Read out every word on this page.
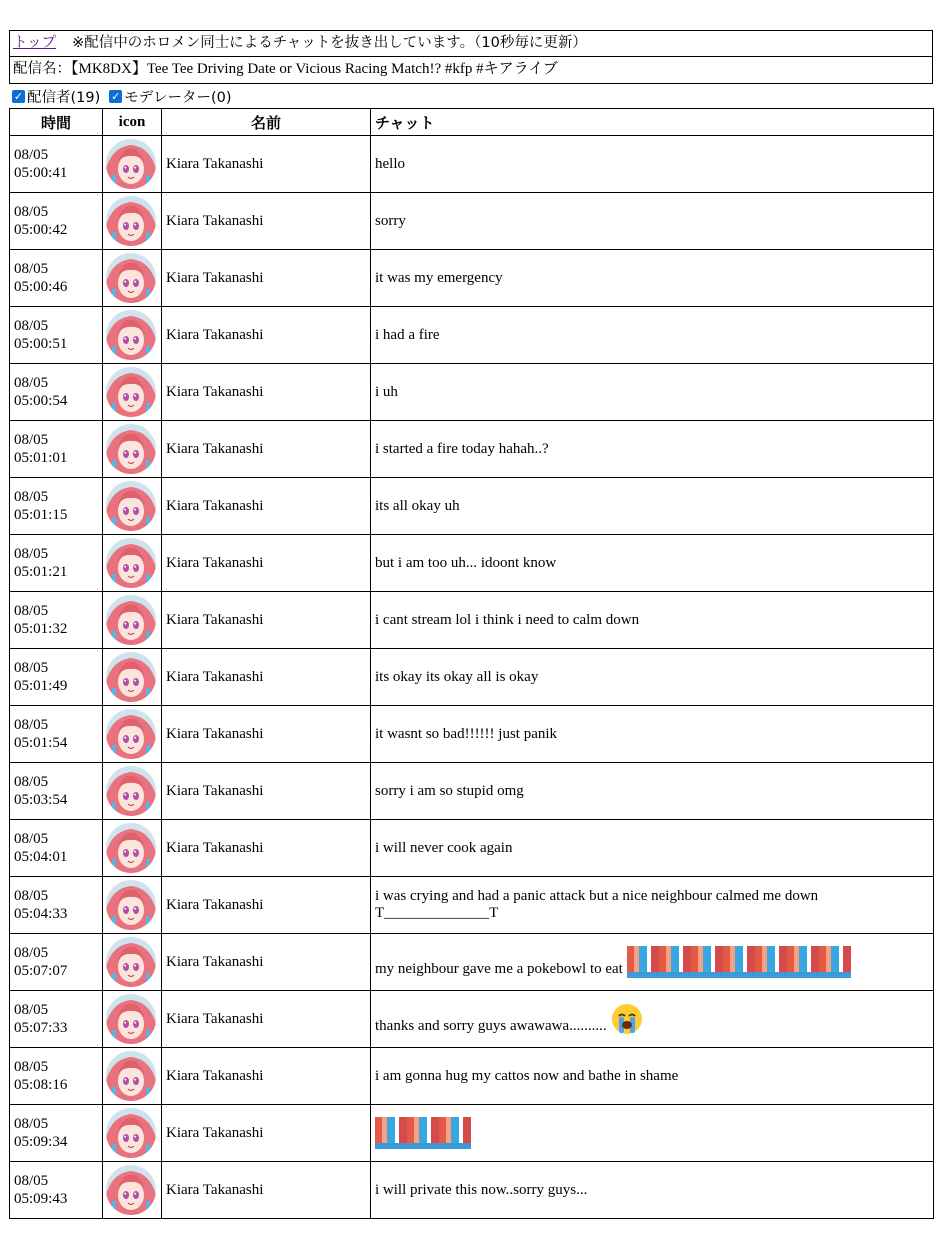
トップ ※配信中のホロメン同士によるチャットを抜き出しています。（10秒毎に更新）
配信名：【MK8DX】Tee Tee Driving Date or Vicious Racing Match!? #kfp #キアライブ
✓ 配信者(19) ✓ モデレーター(0)
時間	icon	名前	チャット
08/05
05:00:41		Kiara Takanashi	hello
08/05
05:00:42		Kiara Takanashi	sorry
08/05
05:00:46		Kiara Takanashi	it was my emergency
08/05
05:00:51		Kiara Takanashi	i had a fire
08/05
05:00:54		Kiara Takanashi	i uh
08/05
05:01:01		Kiara Takanashi	i started a fire today hahah..?
08/05
05:01:15		Kiara Takanashi	its all okay uh
08/05
05:01:21		Kiara Takanashi	but i am too uh... idoont know
08/05
05:01:32		Kiara Takanashi	i cant stream lol i think i need to calm down
08/05
05:01:49		Kiara Takanashi	its okay its okay all is okay
08/05
05:01:54		Kiara Takanashi	it wasnt so bad!!!!!! just panik
08/05
05:03:54		Kiara Takanashi	sorry i am so stupid omg
08/05
05:04:01		Kiara Takanashi	i will never cook again
08/05
05:04:33		Kiara Takanashi	i was crying and had a panic attack but a nice neighbour calmed me down
T______________T
08/05
05:07:07		Kiara Takanashi	my neighbour gave me a pokebowl to eat
08/05
05:07:33		Kiara Takanashi	thanks and sorry guys awawawa..........
08/05
05:08:16		Kiara Takanashi	i am gonna hug my cattos now and bathe in shame
08/05
05:09:34		Kiara Takanashi	
08/05
05:09:43		Kiara Takanashi	i will private this now..sorry guys...
